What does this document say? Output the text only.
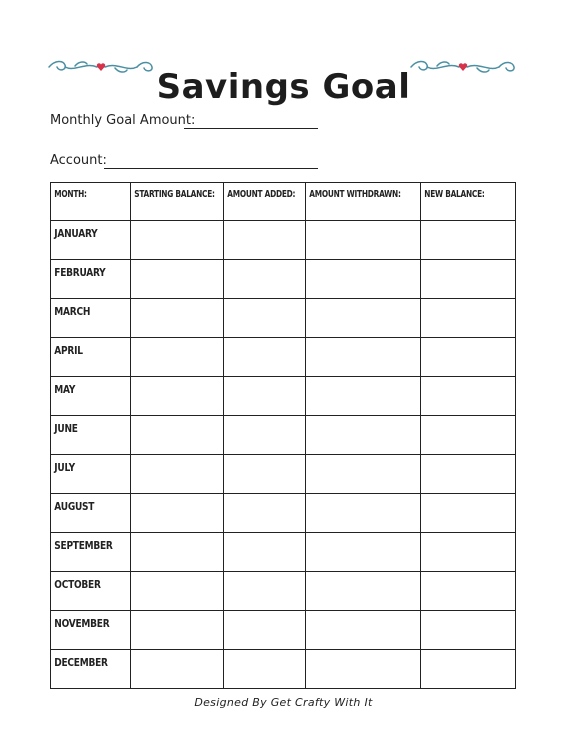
Savings Goal
Monthly Goal Amount:
Account:
MONTH:	STARTING BALANCE:	AMOUNT ADDED:	AMOUNT WITHDRAWN:	NEW BALANCE:

JANUARY				

FEBRUARY				

MARCH				

APRIL				

MAY				

JUNE				

JULY				

AUGUST				

SEPTEMBER				

OCTOBER				

NOVEMBER				

DECEMBER				

Designed By Get Crafty With It
